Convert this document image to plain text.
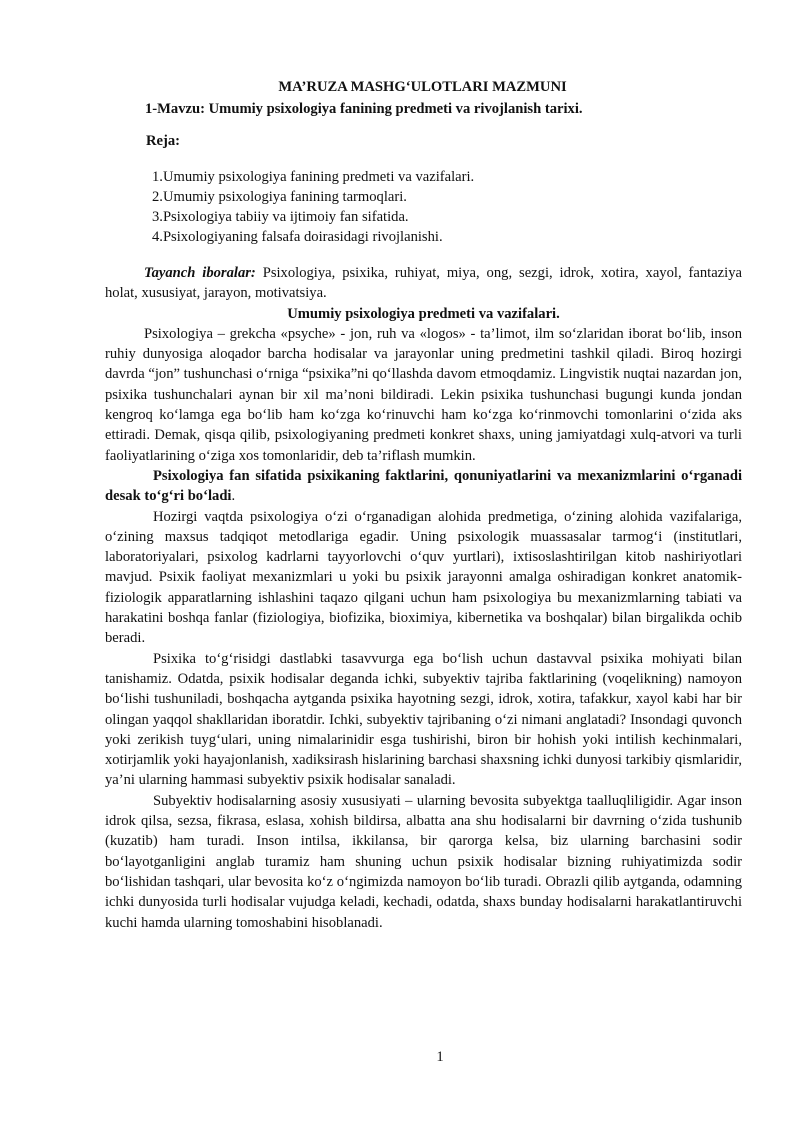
MA’RUZA MASHG‘ULOTLARI MAZMUNI
1-Mavzu: Umumiy psixologiya fanining predmeti va rivojlanish tarixi.
Reja:
1.Umumiy psixologiya fanining predmeti va vazifalari.
2.Umumiy psixologiya fanining tarmoqlari.
3.Psixologiya tabiiy va ijtimoiy fan sifatida.
4.Psixologiyaning falsafa doirasidagi rivojlanishi.

Tayanch iboralar: Psixologiya, psixika, ruhiyat, miya, ong, sezgi, idrok, xotira, xayol, fantaziya holat, xususiyat, jarayon, motivatsiya.

Umumiy psixologiya predmeti va vazifalari.

Psixologiya – grekcha «psyche» - jon, ruh va «logos» - ta’limot, ilm so‘zlaridan iborat bo‘lib, inson ruhiy dunyosiga aloqador barcha hodisalar va jarayonlar uning predmetini tashkil qiladi. Biroq hozirgi davrda “jon” tushunchasi o‘rniga “psixika”ni qo‘llashda davom etmoqdamiz. Lingvistik nuqtai nazardan jon, psixika tushunchalari aynan bir xil ma’noni bildiradi. Lekin psixika tushunchasi bugungi kunda jondan kengroq ko‘lamga ega bo‘lib ham ko‘zga ko‘rinuvchi ham ko‘zga ko‘rinmovchi tomonlarini o‘zida aks ettiradi. Demak, qisqa qilib, psixologiyaning predmeti konkret shaxs, uning jamiyatdagi xulq-atvori va turli faoliyatlarining o‘ziga xos tomonlaridir, deb ta’riflash mumkin.

Psixologiya fan sifatida psixikaning faktlarini, qonuniyatlarini va mexanizmlarini o‘rganadi desak to‘g‘ri bo‘ladi.

Hozirgi vaqtda psixologiya o‘zi o‘rganadigan alohida predmetiga, o‘zining alohida vazifalariga, o‘zining maxsus tadqiqot metodlariga egadir. Uning psixologik muassasalar tarmog‘i (institutlari, laboratoriyalari, psixolog kadrlarni tayyorlovchi o‘quv yurtlari), ixtisoslashtirilgan kitob nashiriyotlari mavjud. Psixik faoliyat mexanizmlari u yoki bu psixik jarayonni amalga oshiradigan konkret anatomik-fiziologik apparatlarning ishlashini taqazo qilgani uchun ham psixologiya bu mexanizmlarning tabiati va harakatini boshqa fanlar (fiziologiya, biofizika, bioximiya, kibernetika va boshqalar) bilan birgalikda ochib beradi.

Psixika to‘g‘risidgi dastlabki tasavvurga ega bo‘lish uchun dastavval psixika mohiyati bilan tanishamiz. Odatda, psixik hodisalar deganda ichki, subyektiv tajriba faktlarining (voqelikning) namoyon bo‘lishi tushuniladi, boshqacha aytganda psixika hayotning sezgi, idrok, xotira, tafakkur, xayol kabi har bir olingan yaqqol shakllaridan iboratdir. Ichki, subyektiv tajribaning o‘zi nimani anglatadi? Insondagi quvonch yoki zerikish tuyg‘ulari, uning nimalarinidir esga tushirishi, biron bir hohish yoki intilish kechinmalari, xotirjamlik yoki hayajonlanish, xadiksirash hislarining barchasi shaxsning ichki dunyosi tarkibiy qismlaridir, ya’ni ularning hammasi subyektiv psixik hodisalar sanaladi.

Subyektiv hodisalarning asosiy xususiyati – ularning bevosita subyektga taalluqliligidir. Agar inson idrok qilsa, sezsa, fikrasa, eslasa, xohish bildirsa, albatta ana shu hodisalarni bir davrning o‘zida tushunib (kuzatib) ham turadi. Inson intilsa, ikkilansa, bir qarorga kelsa, biz ularning barchasini sodir bo‘layotganligini anglab turamiz ham shuning uchun psixik hodisalar bizning ruhiyatimizda sodir bo‘lishidan tashqari, ular bevosita ko‘z o‘ngimizda namoyon bo‘lib turadi. Obrazli qilib aytganda, odamning ichki dunyosida turli hodisalar vujudga keladi, kechadi, odatda, shaxs bunday hodisalarni harakatlantiruvchi kuchi hamda ularning tomoshabini hisoblanadi.

1
